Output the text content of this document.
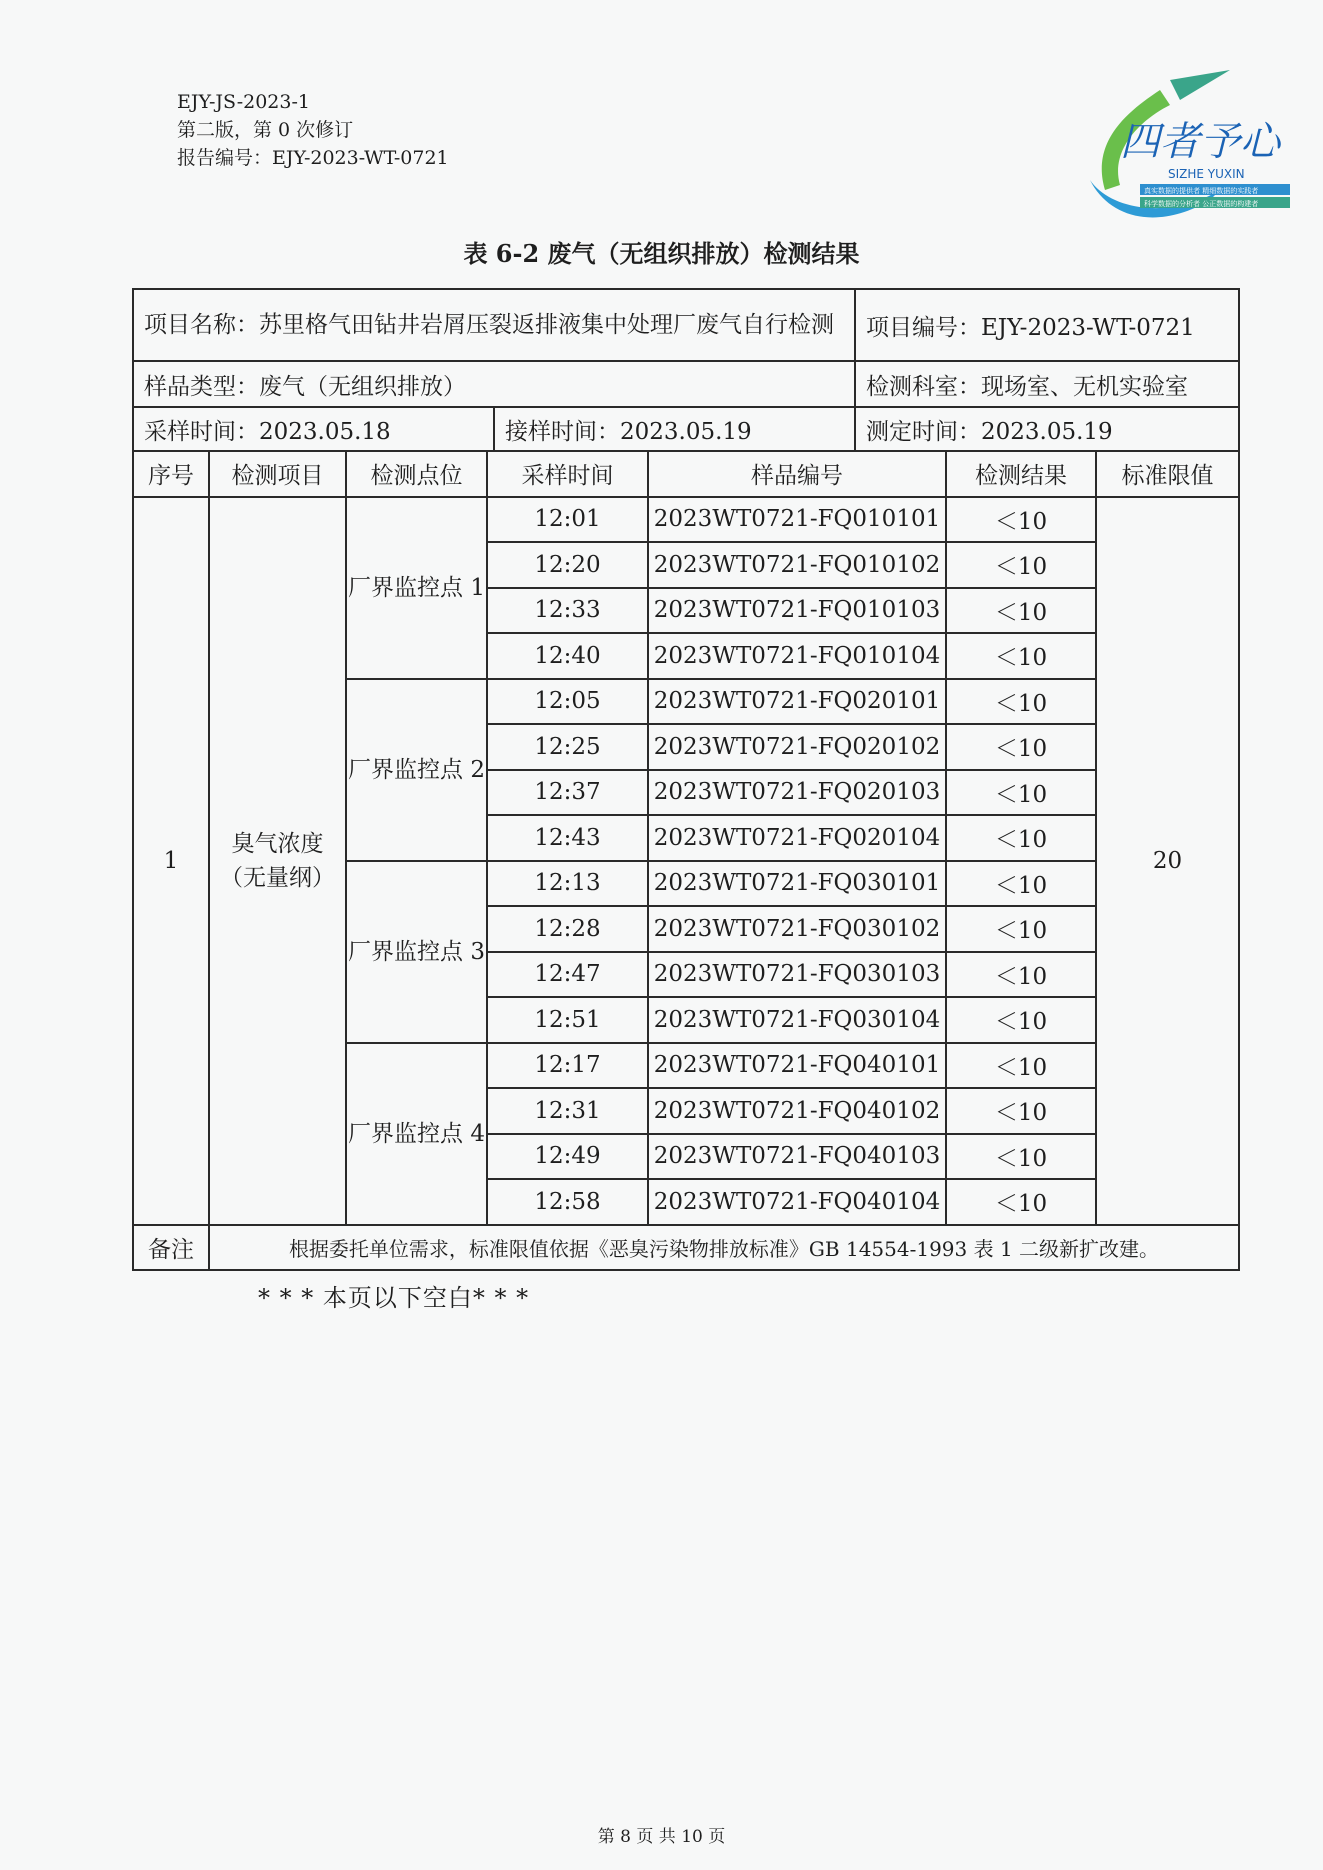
EJY-JS-2023-1
第二版，第 0 次修订
报告编号：EJY-2023-WT-0721	四者予心
SIZHE YUXIN
真实数据的提供者 精细数据的实践者
科学数据的分析者 公正数据的构建者
表 6-2 废气（无组织排放）检测结果
项目名称：苏里格气田钻井岩屑压裂返排液集中处理厂废气自行检测		项目编号：EJY-2023-WT-0721
样品类型：废气（无组织排放）		检测科室：现场室、无机实验室
采样时间：2023.05.18	接样时间：2023.05.19	测定时间：2023.05.19
序号	检测项目	检测点位	采样时间	样品编号	检测结果	标准限值
1	臭气浓度（无量纲）	厂界监控点 1	12:01	2023WT0721-FQ010101	＜10	20
			12:20	2023WT0721-FQ010102	＜10	
			12:33	2023WT0721-FQ010103	＜10	
			12:40	2023WT0721-FQ010104	＜10	
		厂界监控点 2	12:05	2023WT0721-FQ020101	＜10	
			12:25	2023WT0721-FQ020102	＜10	
			12:37	2023WT0721-FQ020103	＜10	
			12:43	2023WT0721-FQ020104	＜10	
		厂界监控点 3	12:13	2023WT0721-FQ030101	＜10	
			12:28	2023WT0721-FQ030102	＜10	
			12:47	2023WT0721-FQ030103	＜10	
			12:51	2023WT0721-FQ030104	＜10	
		厂界监控点 4	12:17	2023WT0721-FQ040101	＜10	
			12:31	2023WT0721-FQ040102	＜10	
			12:49	2023WT0721-FQ040103	＜10	
			12:58	2023WT0721-FQ040104	＜10	
备注	根据委托单位需求，标准限值依据《恶臭污染物排放标准》GB 14554-1993 表 1 二级新扩改建。					
* * * 本页以下空白* * *
第 8 页 共 10 页
